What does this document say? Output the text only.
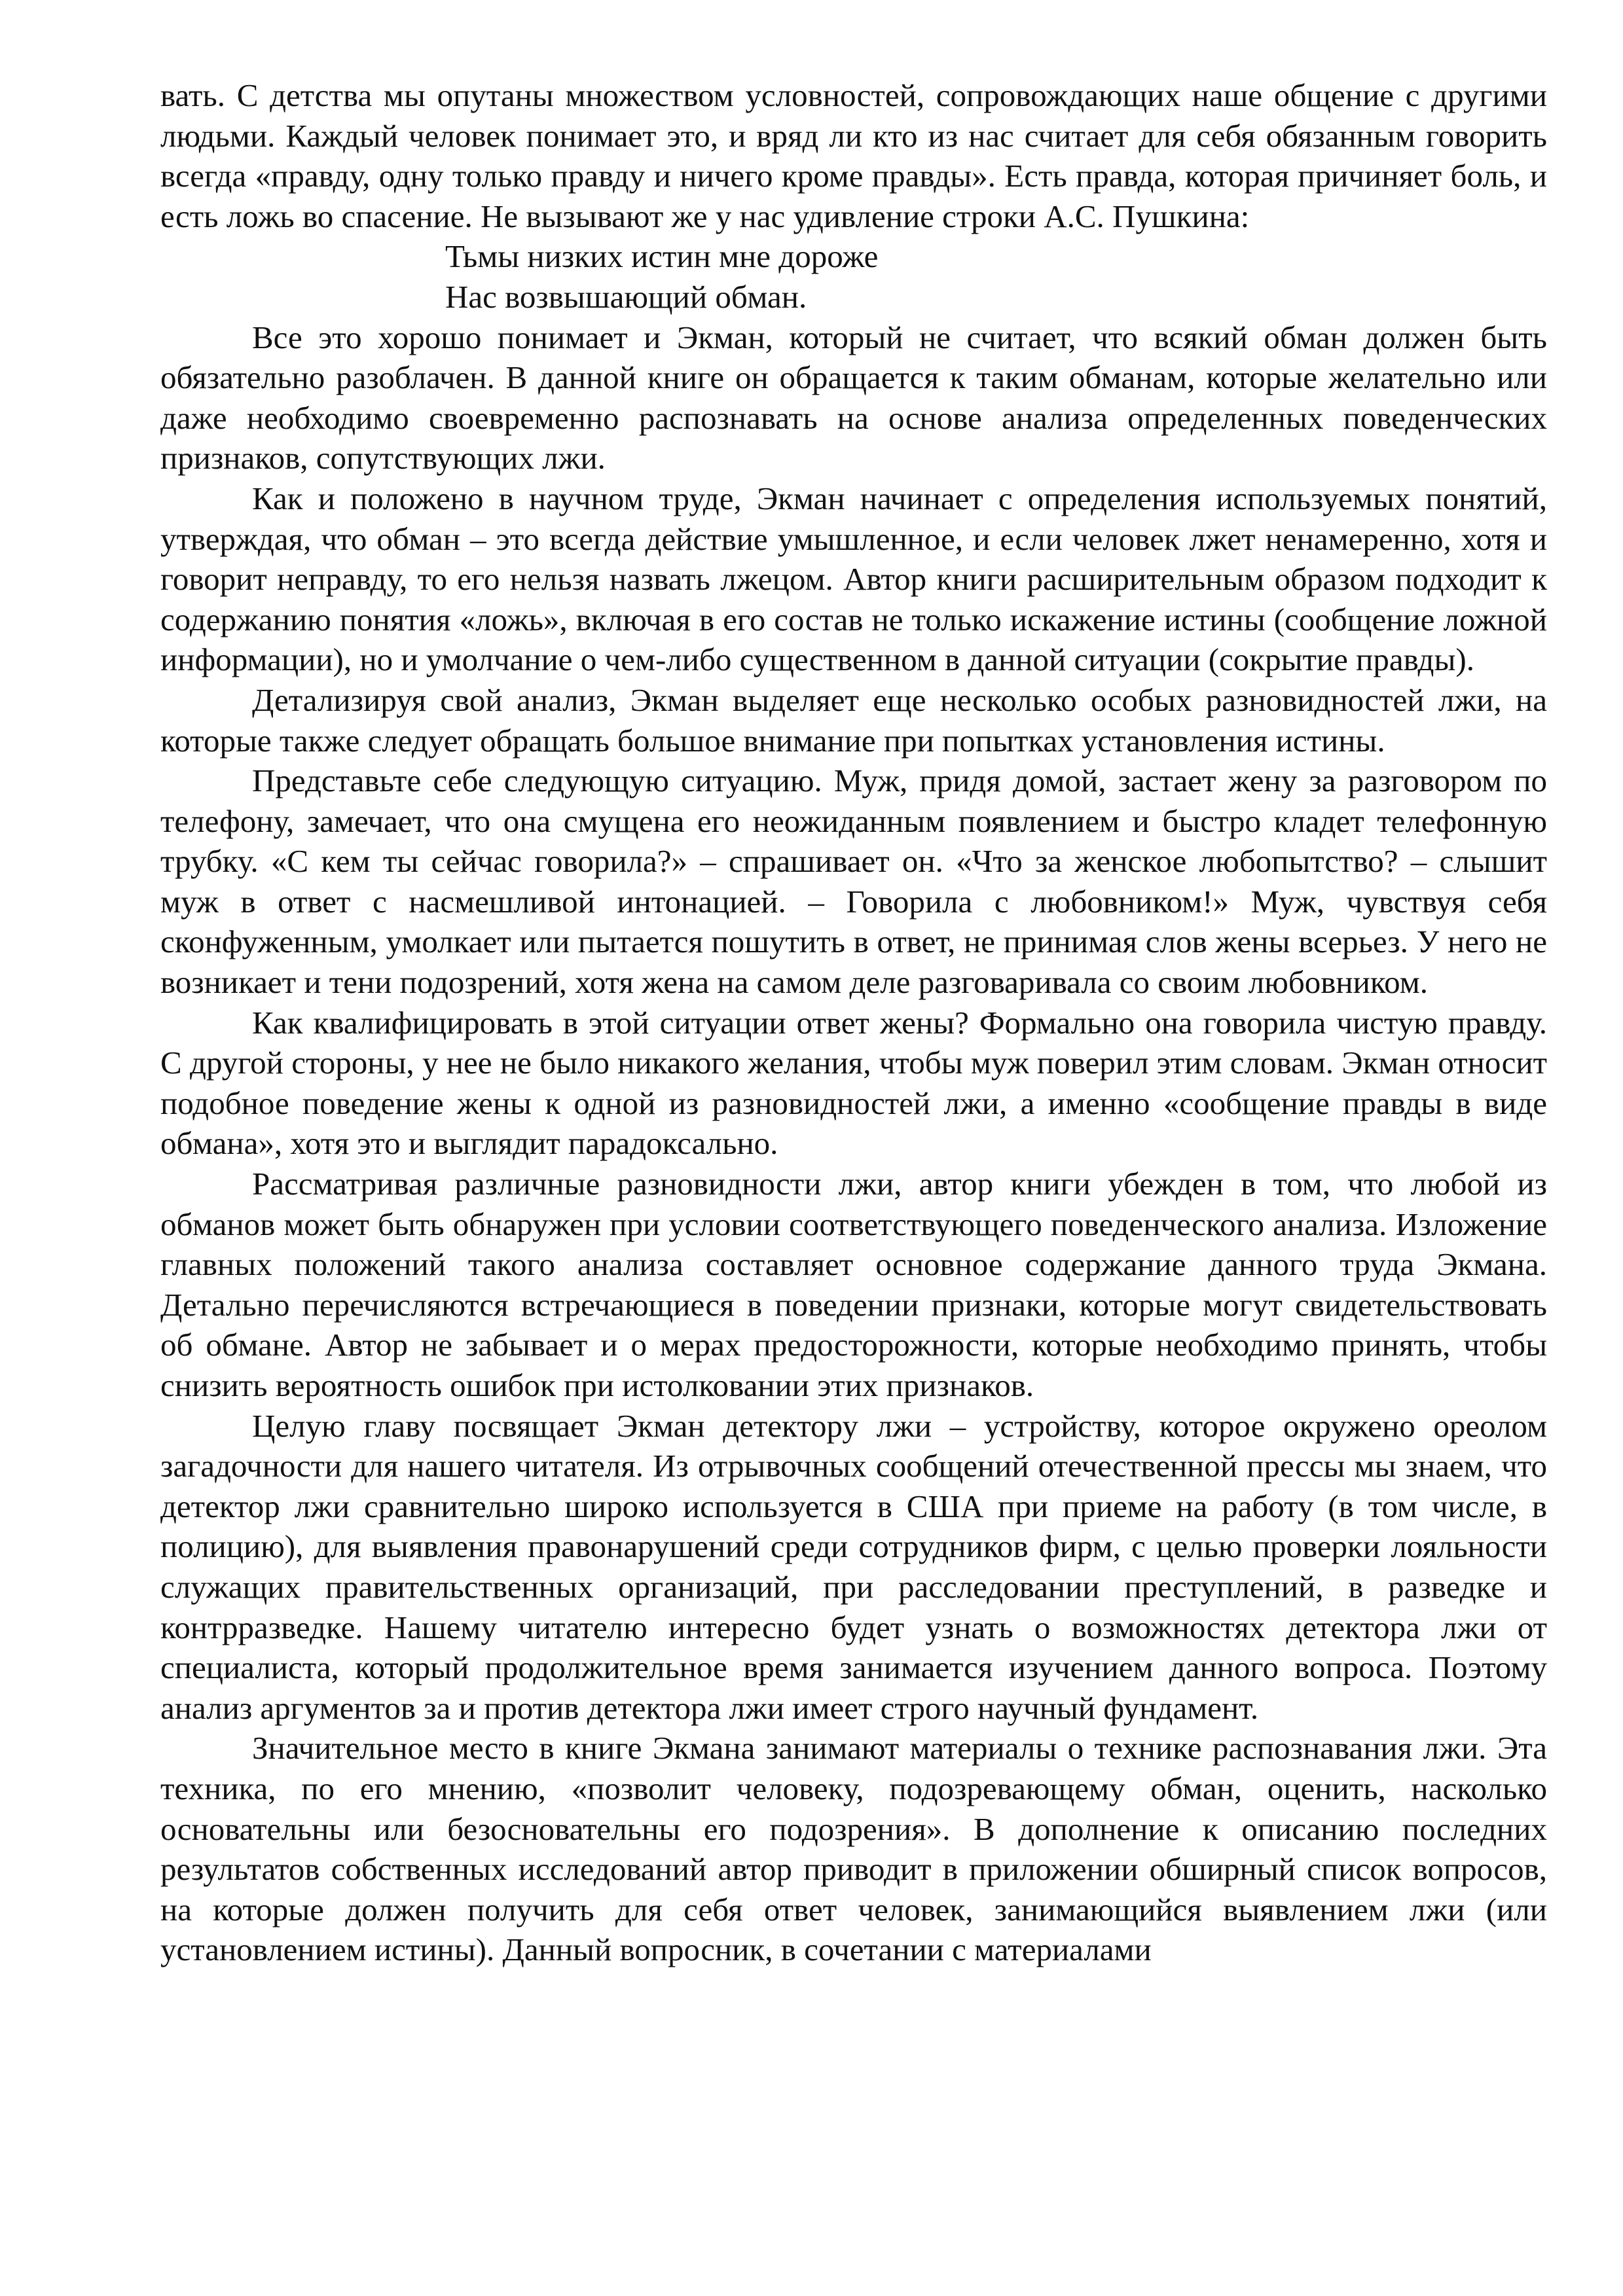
вать. С детства мы опутаны множеством условностей, сопровождающих наше общение с другими людьми. Каждый человек понимает это, и вряд ли кто из нас считает для себя обязанным говорить всегда «правду, одну только правду и ничего кроме правды». Есть правда, которая причиняет боль, и есть ложь во спасение. Не вызывают же у нас удивление строки А.С. Пушкина:

Тьмы низких истин мне дороже
Нас возвышающий обман.

Все это хорошо понимает и Экман, который не считает, что всякий обман должен быть обязательно разоблачен. В данной книге он обращается к таким обманам, которые желательно или даже необходимо своевременно распознавать на основе анализа определенных поведенческих признаков, сопутствующих лжи.

Как и положено в научном труде, Экман начинает с определения используемых понятий, утверждая, что обман – это всегда действие умышленное, и если человек лжет ненамеренно, хотя и говорит неправду, то его нельзя назвать лжецом. Автор книги расширительным образом подходит к содержанию понятия «ложь», включая в его состав не только искажение истины (сообщение ложной информации), но и умолчание о чем-либо существенном в данной ситуации (сокрытие правды).

Детализируя свой анализ, Экман выделяет еще несколько особых разновидностей лжи, на которые также следует обращать большое внимание при попытках установления истины.

Представьте себе следующую ситуацию. Муж, придя домой, застает жену за разговором по телефону, замечает, что она смущена его неожиданным появлением и быстро кладет телефонную трубку. «С кем ты сейчас говорила?» – спрашивает он. «Что за женское любопытство? – слышит муж в ответ с насмешливой интонацией. – Говорила с любовником!» Муж, чувствуя себя сконфуженным, умолкает или пытается пошутить в ответ, не принимая слов жены всерьез. У него не возникает и тени подозрений, хотя жена на самом деле разговаривала со своим любовником.

Как квалифицировать в этой ситуации ответ жены? Формально она говорила чистую правду. С другой стороны, у нее не было никакого желания, чтобы муж поверил этим словам. Экман относит подобное поведение жены к одной из разновидностей лжи, а именно «сообщение правды в виде обмана», хотя это и выглядит парадоксально.

Рассматривая различные разновидности лжи, автор книги убежден в том, что любой из обманов может быть обнаружен при условии соответствующего поведенческого анализа. Изложение главных положений такого анализа составляет основное содержание данного труда Экмана. Детально перечисляются встречающиеся в поведении признаки, которые могут свидетельствовать об обмане. Автор не забывает и о мерах предосторожности, которые необходимо принять, чтобы снизить вероятность ошибок при истолковании этих признаков.

Целую главу посвящает Экман детектору лжи – устройству, которое окружено ореолом загадочности для нашего читателя. Из отрывочных сообщений отечественной прессы мы знаем, что детектор лжи сравнительно широко используется в США при приеме на работу (в том числе, в полицию), для выявления правонарушений среди сотрудников фирм, с целью проверки лояльности служащих правительственных организаций, при расследовании преступлений, в разведке и контрразведке. Нашему читателю интересно будет узнать о возможностях детектора лжи от специалиста, который продолжительное время занимается изучением данного вопроса. Поэтому анализ аргументов за и против детектора лжи имеет строго научный фундамент.

Значительное место в книге Экмана занимают материалы о технике распознавания лжи. Эта техника, по его мнению, «позволит человеку, подозревающему обман, оценить, насколько основательны или безосновательны его подозрения». В дополнение к описанию последних результатов собственных исследований автор приводит в приложении обширный список вопросов, на которые должен получить для себя ответ человек, занимающийся выявлением лжи (или установлением истины). Данный вопросник, в сочетании с материалами
